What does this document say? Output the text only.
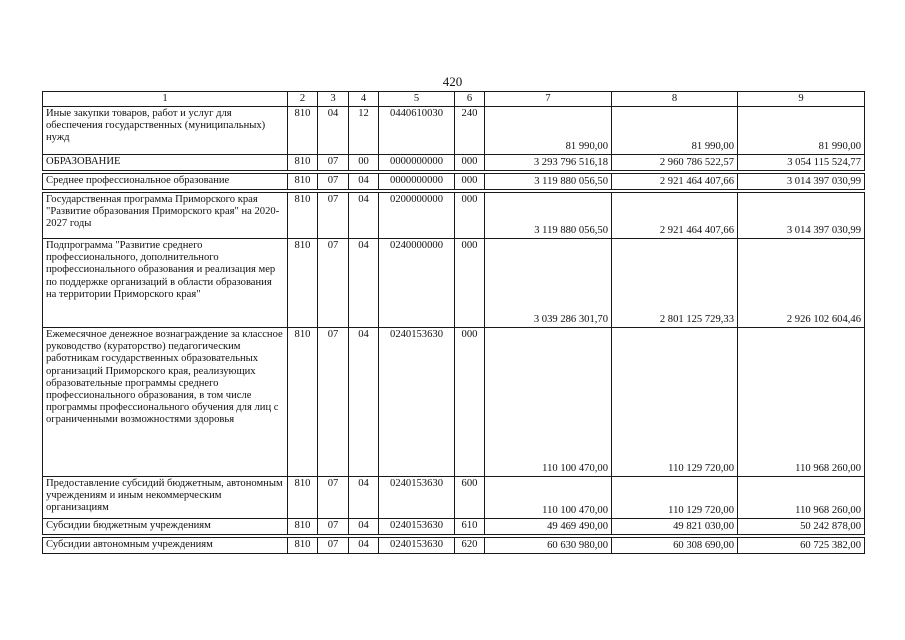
420
1	2	3	4	5	6	7	8	9
Иные закупки товаров, работ и услуг для обеспечения государственных (муниципальных) нужд	810	04	12	0440610030	240	81 990,00	81 990,00	81 990,00
ОБРАЗОВАНИЕ	810	07	00	0000000000	000	3 293 796 516,18	2 960 786 522,57	3 054 115 524,77

Среднее профессиональное образование	810	07	04	0000000000	000	3 119 880 056,50	2 921 464 407,66	3 014 397 030,99

Государственная программа Приморского края "Развитие образования Приморского края" на 2020-2027 годы	810	07	04	0200000000	000	3 119 880 056,50	2 921 464 407,66	3 014 397 030,99
Подпрограмма "Развитие среднего профессионального, дополнительного профессионального образования и реализация мер по поддержке организаций в области образования на территории Приморского края"	810	07	04	0240000000	000	3 039 286 301,70	2 801 125 729,33	2 926 102 604,46
Ежемесячное денежное вознаграждение за классное руководство (кураторство) педагогическим работникам государственных образовательных организаций Приморского края, реализующих образовательные программы среднего профессионального образования, в том числе программы профессионального обучения для лиц с ограниченными возможностями здоровья	810	07	04	0240153630	000	110 100 470,00	110 129 720,00	110 968 260,00
Предоставление субсидий бюджетным, автономным учреждениям и иным некоммерческим организациям	810	07	04	0240153630	600	110 100 470,00	110 129 720,00	110 968 260,00
Субсидии бюджетным учреждениям	810	07	04	0240153630	610	49 469 490,00	49 821 030,00	50 242 878,00

Субсидии автономным учреждениям	810	07	04	0240153630	620	60 630 980,00	60 308 690,00	60 725 382,00
